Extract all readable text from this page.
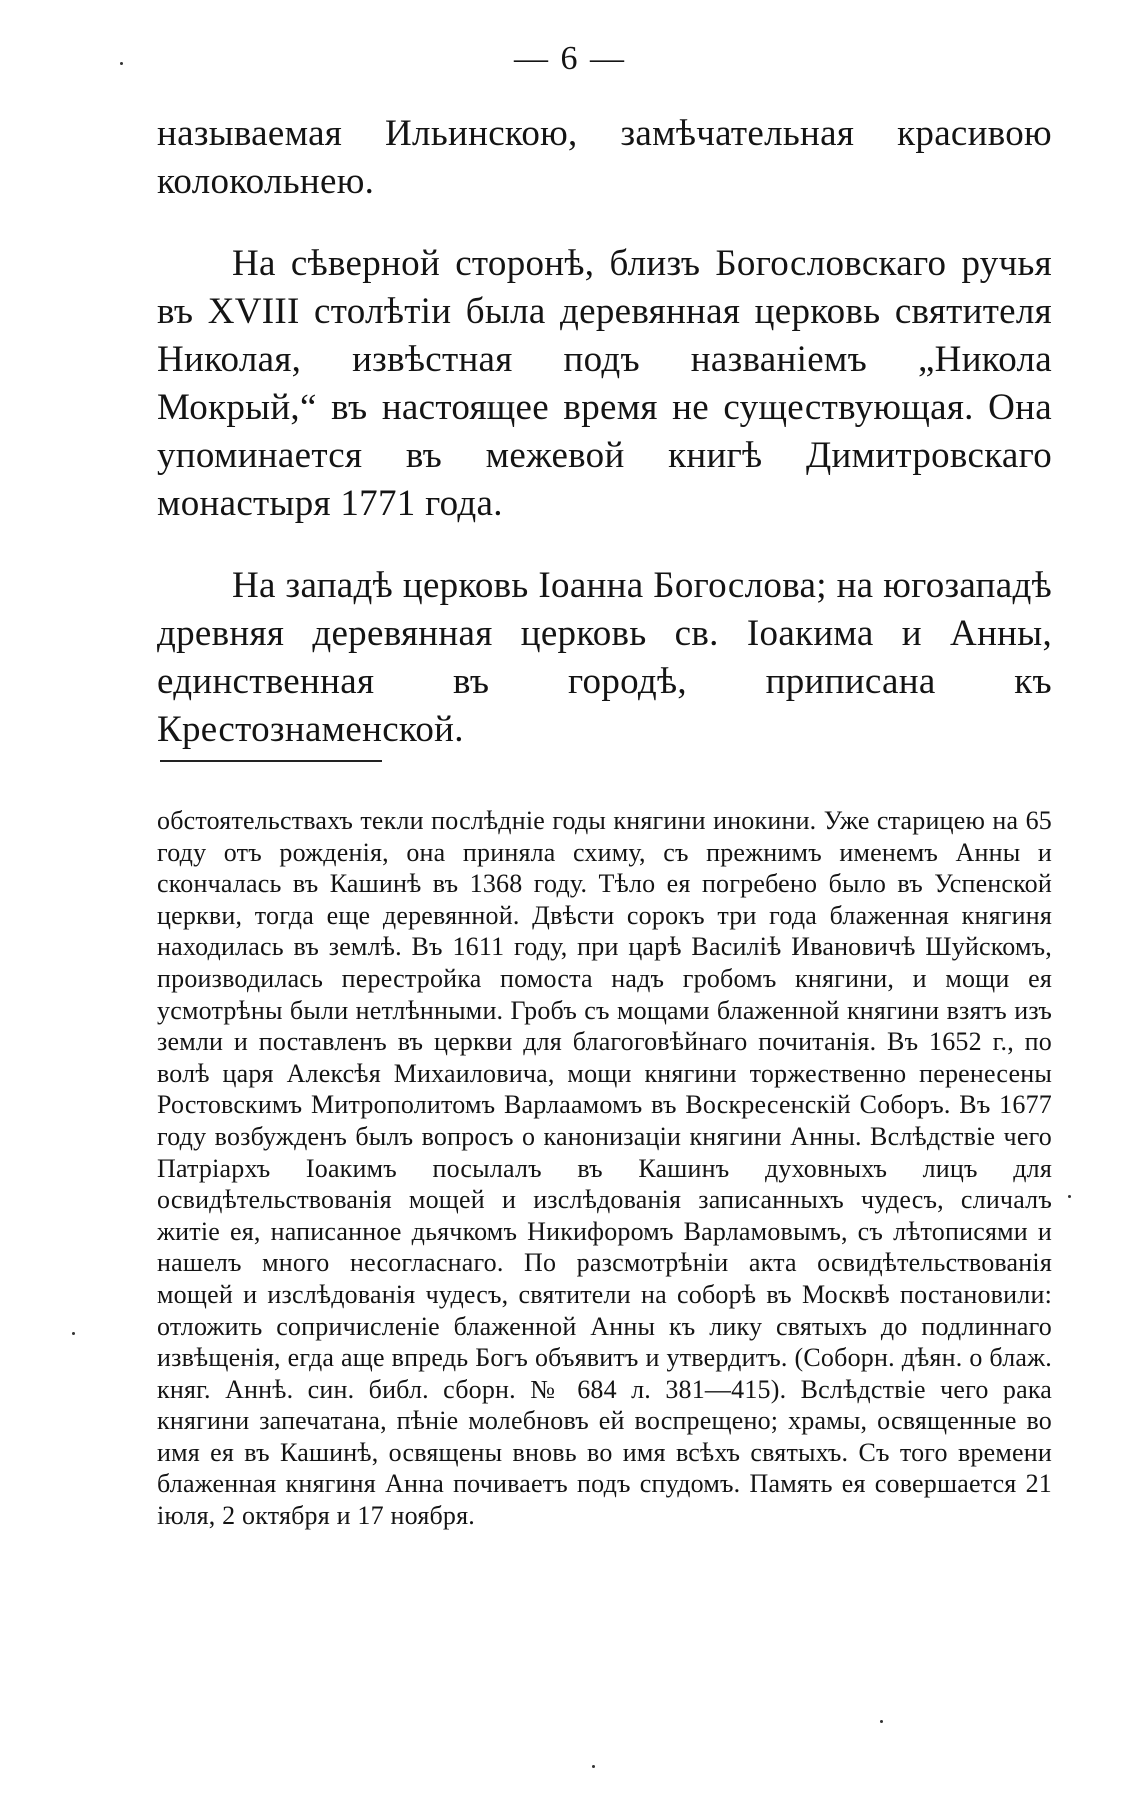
— 6 —

называемая Ильинскою, замѣчательная красивою колокольнею.

На сѣверной сторонѣ, близъ Богословскаго ручья въ XVIII столѣтіи была деревянная церковь святителя Николая, извѣстная подъ названіемъ „Никола Мокрый,“ въ настоящее время не существующая. Она упоминается въ межевой книгѣ Димитровскаго монастыря 1771 года.

На западѣ церковь Іоанна Богослова; на югозападѣ древняя деревянная церковь св. Іоакима и Анны, единственная въ городѣ, приписана къ Крестознаменской.

обстоятельствахъ текли послѣдніе годы княгини инокини. Уже старицею на 65 году отъ рожденія, она приняла схиму, съ прежнимъ именемъ Анны и скончалась въ Кашинѣ въ 1368 году. Тѣло ея погребено было въ Успенской церкви, тогда еще деревянной. Двѣсти сорокъ три года блаженная княгиня находилась въ землѣ. Въ 1611 году, при царѣ Василіѣ Ивановичѣ Шуйскомъ, производилась перестройка помоста надъ гробомъ княгини, и мощи ея усмотрѣны были нетлѣнными. Гробъ съ мощами блаженной княгини взятъ изъ земли и поставленъ въ церкви для благоговѣйнаго почитанія. Въ 1652 г., по волѣ царя Алексѣя Михаиловича, мощи княгини торжественно перенесены Ростовскимъ Митрополитомъ Варлаамомъ въ Воскресенскій Соборъ. Въ 1677 году возбужденъ былъ вопросъ о канонизаціи княгини Анны. Вслѣдствіе чего Патріархъ Іоакимъ посылалъ въ Кашинъ духовныхъ лицъ для освидѣтельствованія мощей и изслѣдованія записанныхъ чудесъ, сличалъ житіе ея, написанное дьячкомъ Никифоромъ Варламовымъ, съ лѣтописями и нашелъ много несогласнаго. По разсмотрѣніи акта освидѣтельствованія мощей и изслѣдованія чудесъ, святители на соборѣ въ Москвѣ постановили: отложить сопричисленіе блаженной Анны къ лику святыхъ до подлиннаго извѣщенія, егда аще впредь Богъ объявитъ и утвердитъ. (Соборн. дѣян. о блаж. княг. Аннѣ. син. библ. сборн. № 684 л. 381—415). Вслѣдствіе чего рака княгини запечатана, пѣніе молебновъ ей воспрещено; храмы, освященные во имя ея въ Кашинѣ, освящены вновь во имя всѣхъ святыхъ. Съ того времени блаженная княгиня Анна почиваетъ подъ спудомъ. Память ея совершается 21 іюля, 2 октября и 17 ноября.
